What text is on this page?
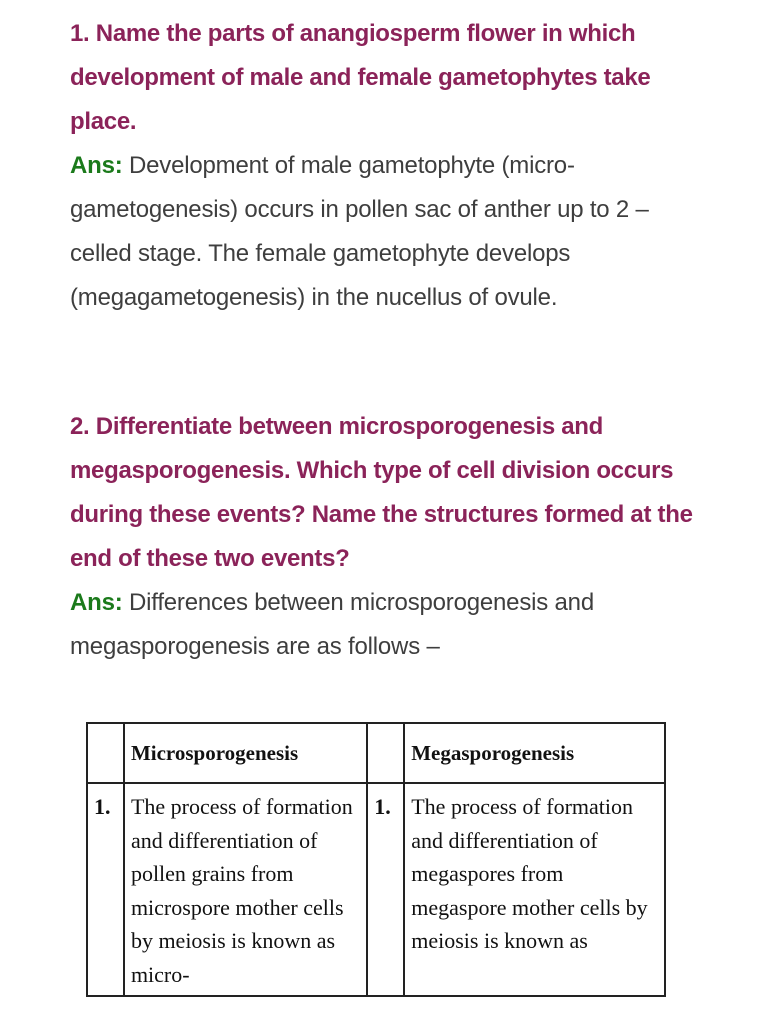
1. Name the parts of anangiosperm flower in which development of male and female gametophytes take place.

Ans: Development of male gametophyte (micro-gametogenesis) occurs in pollen sac of anther up to 2 – celled stage. The female gametophyte develops (megagametogenesis) in the nucellus of ovule.

2. Differentiate between microsporogenesis and megasporogenesis. Which type of cell division occurs during these events? Name the structures formed at the end of these two events?

Ans: Differences between microsporogenesis and megasporogenesis are as follows –

	Microsporogenesis		Megasporogenesis
1.	The process of formation and differentiation of pollen grains from microspore mother cells by meiosis is known as micro-	1.	The process of formation and differentiation of megaspores from megaspore mother cells by meiosis is known as
